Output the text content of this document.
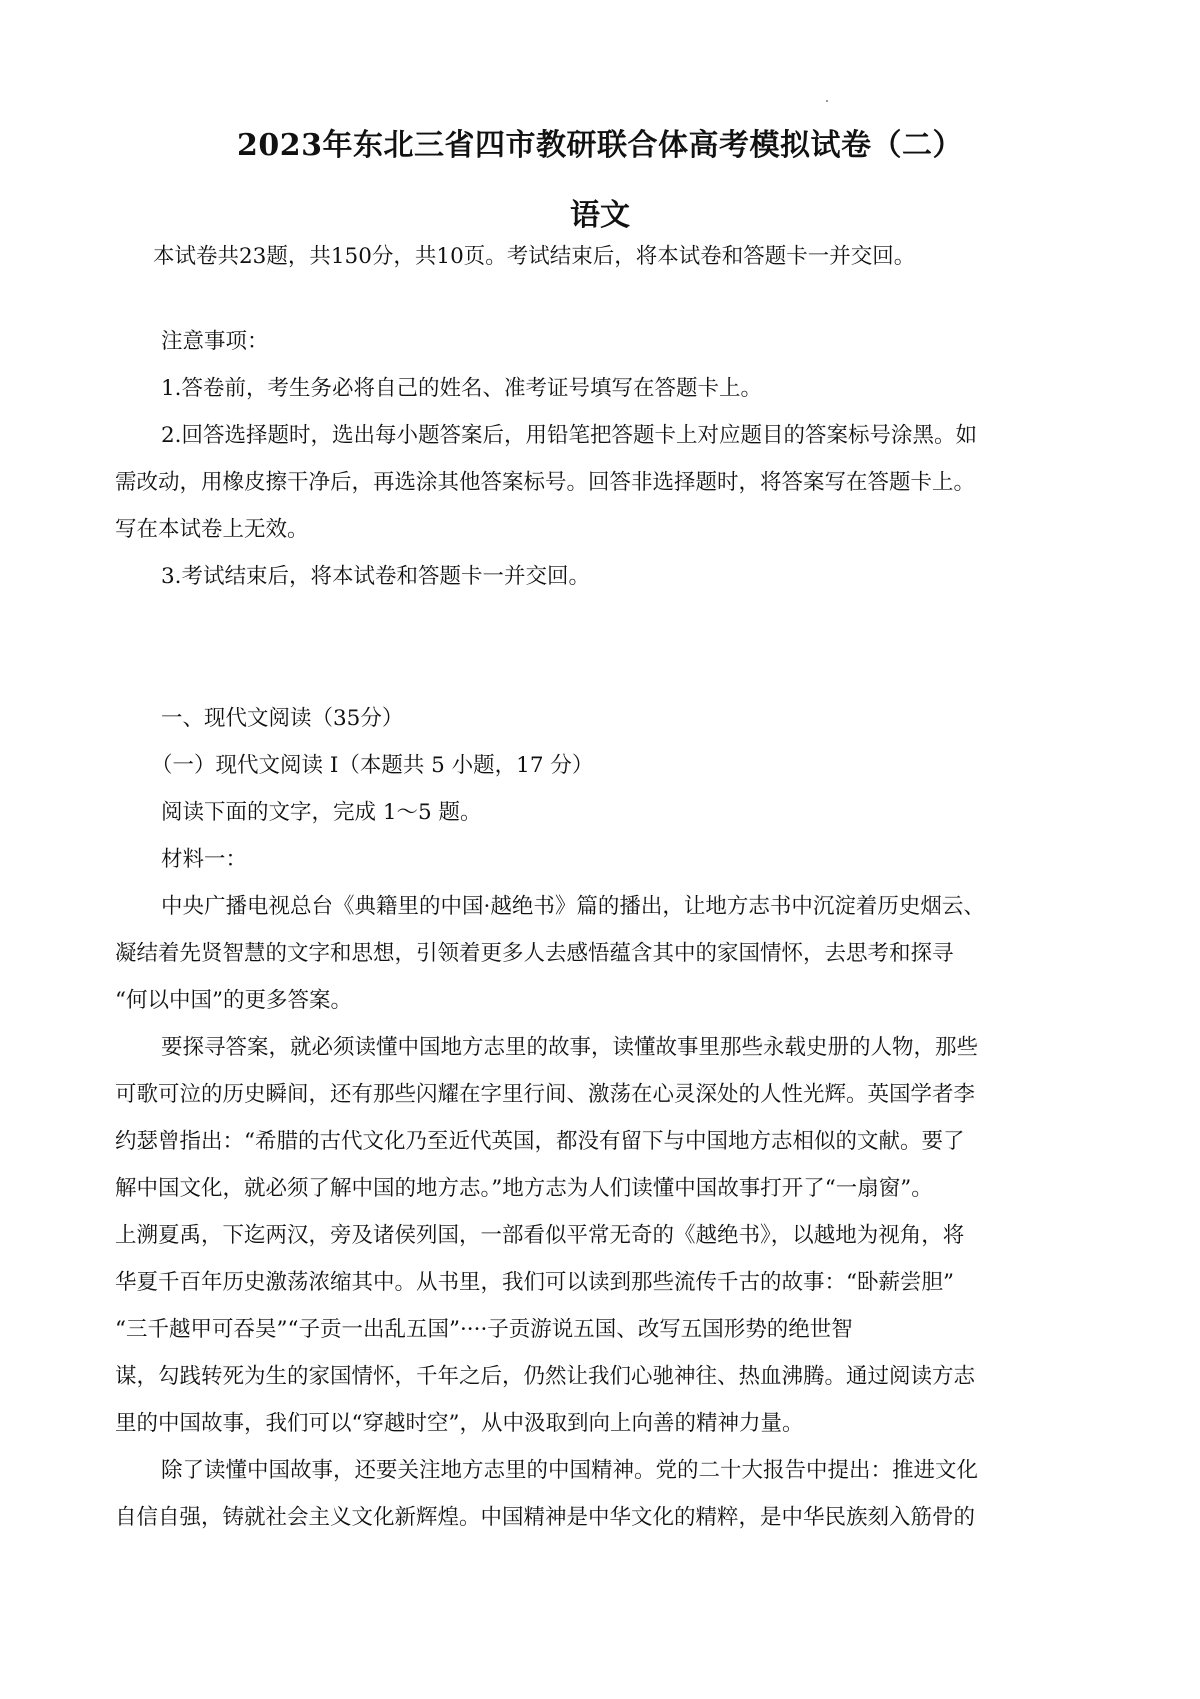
2023年东北三省四市教研联合体高考模拟试卷（二）
语文
本试卷共23题，共150分，共10页。考试结束后，将本试卷和答题卡一并交回。
注意事项：
1.答卷前，考生务必将自己的姓名、准考证号填写在答题卡上。
2.回答选择题时，选出每小题答案后，用铅笔把答题卡上对应题目的答案标号涂黑。如
需改动，用橡皮擦干净后，再选涂其他答案标号。回答非选择题时，将答案写在答题卡上。
写在本试卷上无效。
3.考试结束后，将本试卷和答题卡一并交回。
一、现代文阅读（35分）
（一）现代文阅读 I（本题共 5 小题，17 分）
阅读下面的文字，完成 1～5 题。
材料一：
中央广播电视总台《典籍里的中国·越绝书》篇的播出，让地方志书中沉淀着历史烟云、
凝结着先贤智慧的文字和思想，引领着更多人去感悟蕴含其中的家国情怀，去思考和探寻
“何以中国”的更多答案。
要探寻答案，就必须读懂中国地方志里的故事，读懂故事里那些永载史册的人物，那些
可歌可泣的历史瞬间，还有那些闪耀在字里行间、激荡在心灵深处的人性光辉。英国学者李
约瑟曾指出：“希腊的古代文化乃至近代英国，都没有留下与中国地方志相似的文献。要了
解中国文化，就必须了解中国的地方志。”地方志为人们读懂中国故事打开了“一扇窗”。
上溯夏禹，下迄两汉，旁及诸侯列国，一部看似平常无奇的《越绝书》，以越地为视角，将
华夏千百年历史激荡浓缩其中。从书里，我们可以读到那些流传千古的故事：“卧薪尝胆”
“三千越甲可吞吴”“子贡一出乱五国”····子贡游说五国、改写五国形势的绝世智
谋，勾践转死为生的家国情怀，千年之后，仍然让我们心驰神往、热血沸腾。通过阅读方志
里的中国故事，我们可以“穿越时空”，从中汲取到向上向善的精神力量。
除了读懂中国故事，还要关注地方志里的中国精神。党的二十大报告中提出：推进文化
自信自强，铸就社会主义文化新辉煌。中国精神是中华文化的精粹，是中华民族刻入筋骨的
